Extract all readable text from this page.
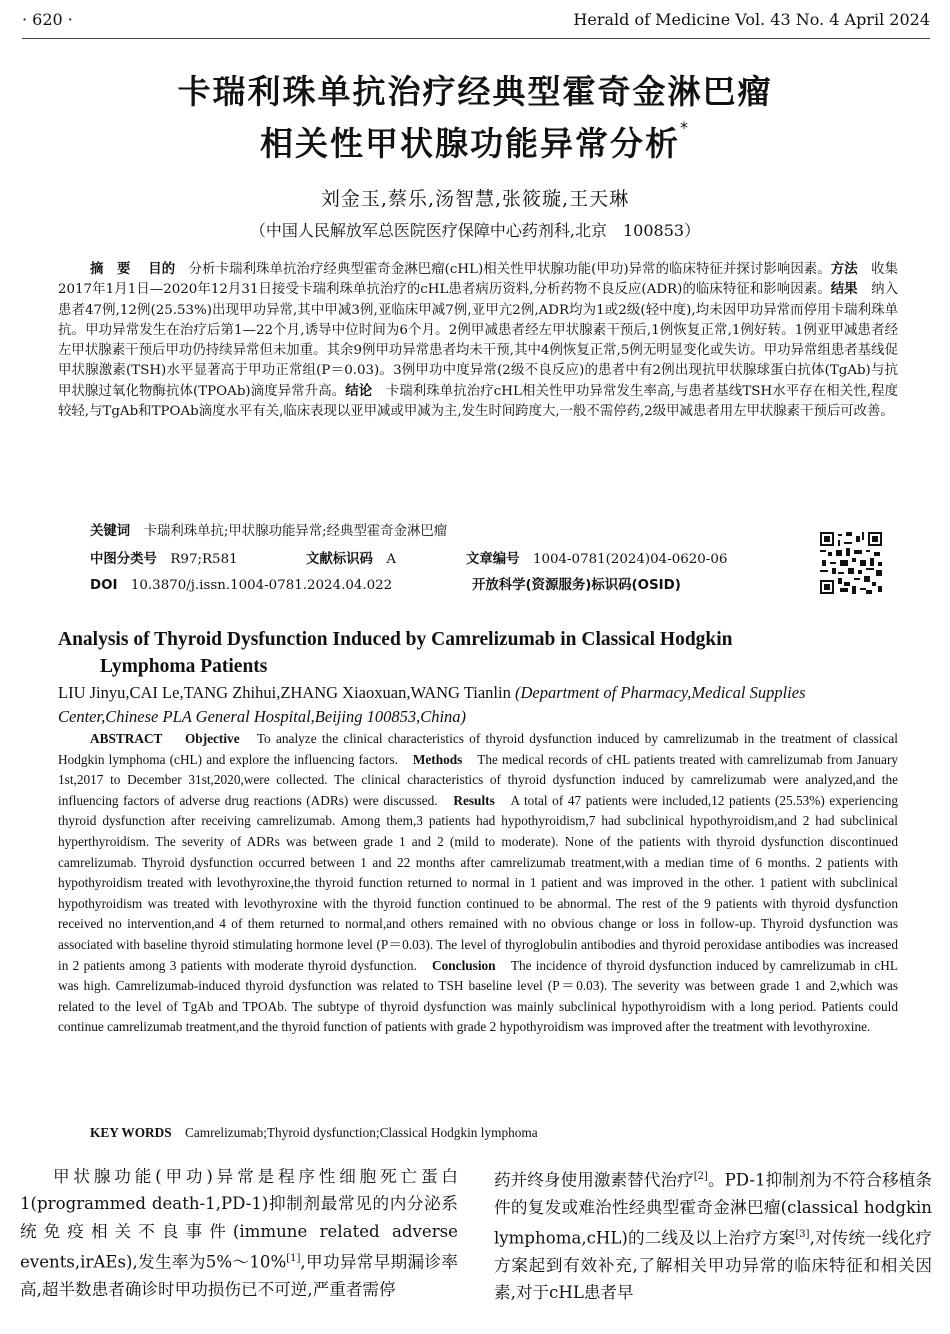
· 620 ·	Herald of Medicine Vol. 43 No. 4 April 2024
卡瑞利珠单抗治疗经典型霍奇金淋巴瘤
相关性甲状腺功能异常分析*
刘金玉,蔡乐,汤智慧,张筱璇,王天琳
（中国人民解放军总医院医疗保障中心药剂科,北京　100853）
摘　要　 目的　 分析卡瑞利珠单抗治疗经典型霍奇金淋巴瘤(cHL)相关性甲状腺功能(甲功)异常的临床特征并探讨影响因素。方法　 收集2017年1月1日—2020年12月31日接受卡瑞利珠单抗治疗的cHL患者病历资料,分析药物不良反应(ADR)的临床特征和影响因素。结果　 纳入患者47例,12例(25.53%)出现甲功异常,其中甲减3例,亚临床甲减7例,亚甲亢2例,ADR均为1或2级(轻中度),均未因甲功异常而停用卡瑞利珠单抗。甲功异常发生在治疗后第1—22个月,诱导中位时间为6个月。2例甲减患者经左甲状腺素干预后,1例恢复正常,1例好转。1例亚甲减患者经左甲状腺素干预后甲功仍持续异常但未加重。其余9例甲功异常患者均未干预,其中4例恢复正常,5例无明显变化或失访。甲功异常组患者基线促甲状腺激素(TSH)水平显著高于甲功正常组(P＝0.03)。3例甲功中度异常(2级不良反应)的患者中有2例出现抗甲状腺球蛋白抗体(TgAb)与抗甲状腺过氧化物酶抗体(TPOAb)滴度异常升高。结论　 卡瑞利珠单抗治疗cHL相关性甲功异常发生率高,与患者基线TSH水平存在相关性,程度较轻,与TgAb和TPOAb滴度水平有关,临床表现以亚甲减或甲减为主,发生时间跨度大,一般不需停药,2级甲减患者用左甲状腺素干预后可改善。
关键词　 卡瑞利珠单抗;甲状腺功能异常;经典型霍奇金淋巴瘤
中图分类号　 R97;R581	文献标识码　 A	文章编号　 1004-0781(2024)04-0620-06
DOI　 10.3870/j.issn.1004-0781.2024.04.022	开放科学(资源服务)标识码(OSID)
Analysis of Thyroid Dysfunction Induced by Camrelizumab in Classical Hodgkin
Lymphoma Patients
LIU Jinyu,CAI Le,TANG Zhihui,ZHANG Xiaoxuan,WANG Tianlin (Department of Pharmacy,Medical Supplies Center,Chinese PLA General Hospital,Beijing 100853,China)
ABSTRACT　 Objective　 To analyze the clinical characteristics of thyroid dysfunction induced by camrelizumab in the treatment of classical Hodgkin lymphoma (cHL) and explore the influencing factors.　 Methods　 The medical records of cHL patients treated with camrelizumab from January 1st,2017 to December 31st,2020,were collected. The clinical characteristics of thyroid dysfunction induced by camrelizumab were analyzed,and the influencing factors of adverse drug reactions (ADRs) were discussed.　 Results　 A total of 47 patients were included,12 patients (25.53%) experiencing thyroid dysfunction after receiving camrelizumab. Among them,3 patients had hypothyroidism,7 had subclinical hypothyroidism,and 2 had subclinical hyperthyroidism. The severity of ADRs was between grade 1 and 2 (mild to moderate). None of the patients with thyroid dysfunction discontinued camrelizumab. Thyroid dysfunction occurred between 1 and 22 months after camrelizumab treatment,with a median time of 6 months. 2 patients with hypothyroidism treated with levothyroxine,the thyroid function returned to normal in 1 patient and was improved in the other. 1 patient with subclinical hypothyroidism was treated with levothyroxine with the thyroid function continued to be abnormal. The rest of the 9 patients with thyroid dysfunction received no intervention,and 4 of them returned to normal,and others remained with no obvious change or loss in follow-up. Thyroid dysfunction was associated with baseline thyroid stimulating hormone level (P＝0.03). The level of thyroglobulin antibodies and thyroid peroxidase antibodies was increased in 2 patients among 3 patients with moderate thyroid dysfunction.　 Conclusion　 The incidence of thyroid dysfunction induced by camrelizumab in cHL was high. Camrelizumab-induced thyroid dysfunction was related to TSH baseline level (P＝0.03). The severity was between grade 1 and 2,which was related to the level of TgAb and TPOAb. The subtype of thyroid dysfunction was mainly subclinical hypothyroidism with a long period. Patients could continue camrelizumab treatment,and the thyroid function of patients with grade 2 hypothyroidism was improved after the treatment with levothyroxine.
KEY WORDS　 Camrelizumab;Thyroid dysfunction;Classical Hodgkin lymphoma
甲状腺功能(甲功)异常是程序性细胞死亡蛋白1(programmed death-1,PD-1)抑制剂最常见的内分泌系统免疫相关不良事件(immune related adverse events,irAEs),发生率为5%～10%[1],甲功异常早期漏诊率高,超半数患者确诊时甲功损伤已不可逆,严重者需停
药并终身使用激素替代治疗[2]。PD-1抑制剂为不符合移植条件的复发或难治性经典型霍奇金淋巴瘤(classical hodgkin lymphoma,cHL)的二线及以上治疗方案[3],对传统一线化疗方案起到有效补充,了解相关甲功异常的临床特征和相关因素,对于cHL患者早
